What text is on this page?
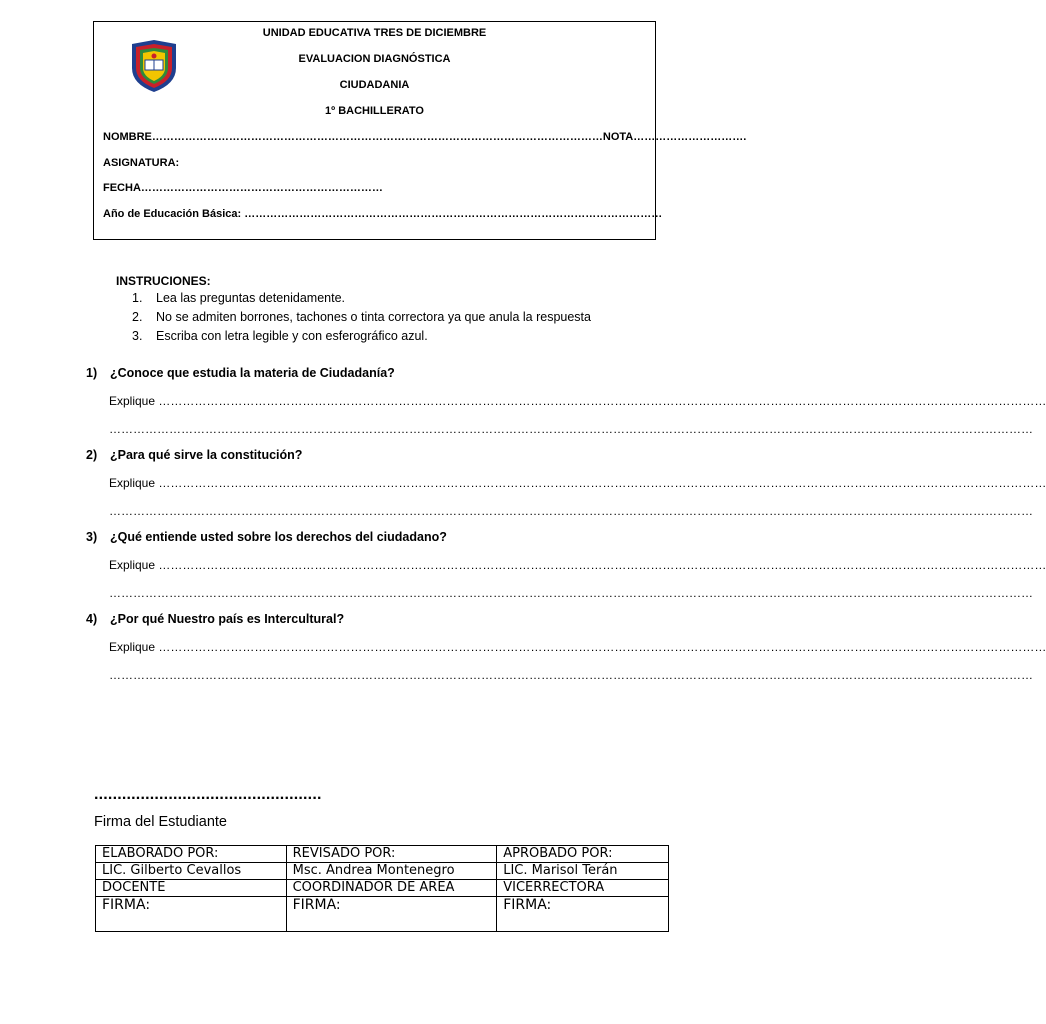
UNIDAD EDUCATIVA TRES DE DICIEMBRE
EVALUACION DIAGNÓSTICA
CIUDADANIA
1º BACHILLERATO
NOMBRE……………………………………………………………………………………………………………NOTA………………………….
ASIGNATURA:
FECHA…………………………………………………………
Año de Educación Básica: ……………………………………………………………………………………………………
INSTRUCIONES:
1. Lea las preguntas detenidamente.
2. No se admiten borrones, tachones o tinta correctora ya que anula la respuesta
3. Escriba con letra legible y con esferográfico azul.
1) ¿Conoce que estudia la materia de Ciudadanía?
Explique ……………………………………………………………………………………………………………………………………………………………………………………………………
……………………………………………………………………………………………………………………………………………………………………………………………………………
2) ¿Para qué sirve la constitución?
Explique ……………………………………………………………………………………………………………………………………………………………………………………………………
……………………………………………………………………………………………………………………………………………………………………………………………………………
3) ¿Qué entiende usted sobre los derechos del ciudadano?
Explique ……………………………………………………………………………………………………………………………………………………………………………………………………
……………………………………………………………………………………………………………………………………………………………………………………………………………
4) ¿Por qué Nuestro país es Intercultural?
Explique ……………………………………………………………………………………………………………………………………………………………………………………………………
……………………………………………………………………………………………………………………………………………………………………………………………………………
.................................................
Firma del Estudiante
ELABORADO POR:	REVISADO POR:	APROBADO POR:
LIC. Gilberto Cevallos	Msc. Andrea Montenegro	LIC. Marisol Terán
DOCENTE	COORDINADOR DE AREA	VICERRECTORA
FIRMA:	FIRMA:	FIRMA:
